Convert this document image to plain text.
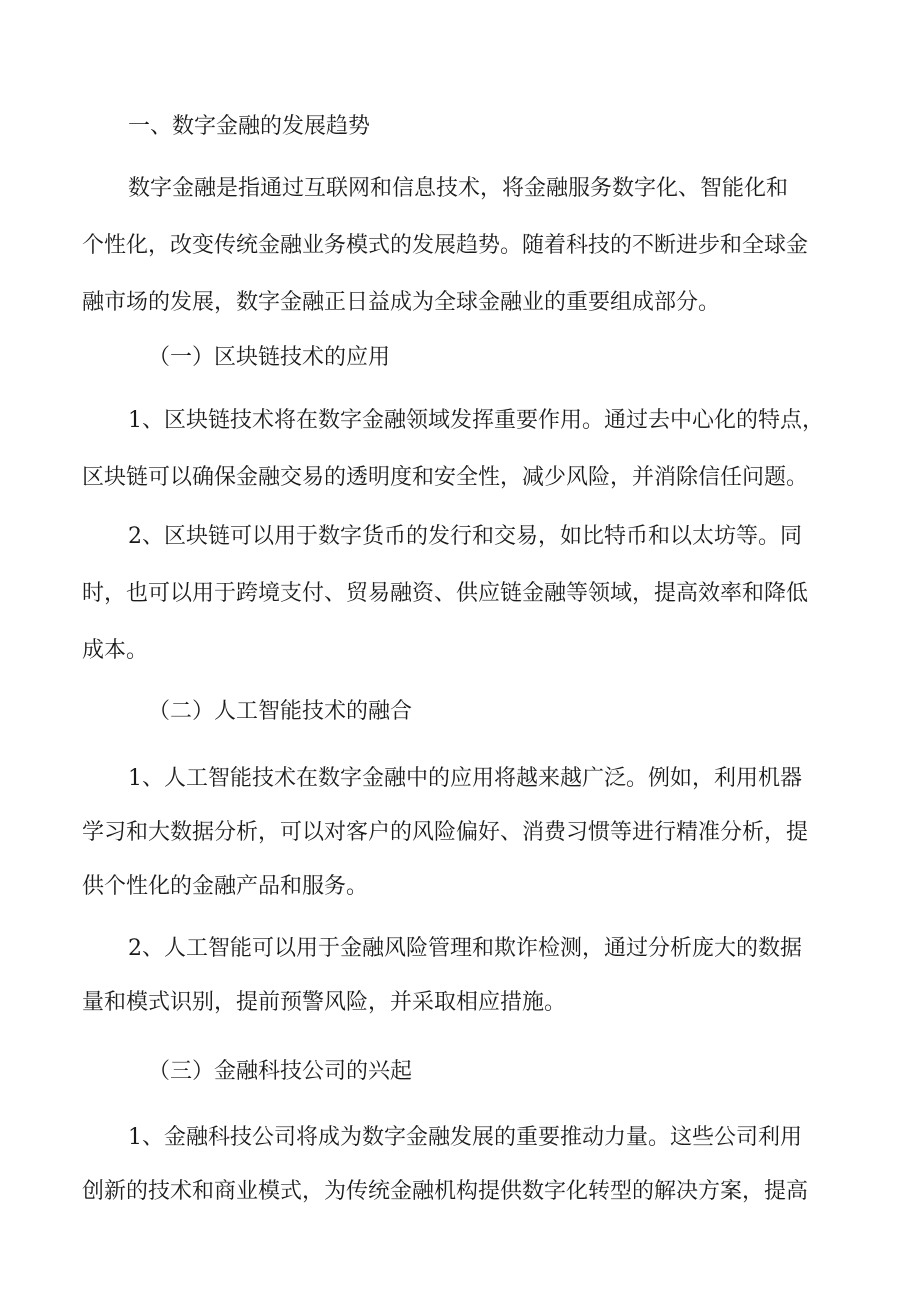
一、数字金融的发展趋势

数字金融是指通过互联网和信息技术，将金融服务数字化、智能化和

个性化，改变传统金融业务模式的发展趋势。随着科技的不断进步和全球金

融市场的发展，数字金融正日益成为全球金融业的重要组成部分。

（一）区块链技术的应用

1、区块链技术将在数字金融领域发挥重要作用。通过去中心化的特点，

区块链可以确保金融交易的透明度和安全性，减少风险，并消除信任问题。

2、区块链可以用于数字货币的发行和交易，如比特币和以太坊等。同

时，也可以用于跨境支付、贸易融资、供应链金融等领域，提高效率和降低

成本。

（二）人工智能技术的融合

1、人工智能技术在数字金融中的应用将越来越广泛。例如，利用机器

学习和大数据分析，可以对客户的风险偏好、消费习惯等进行精准分析，提

供个性化的金融产品和服务。

2、人工智能可以用于金融风险管理和欺诈检测，通过分析庞大的数据

量和模式识别，提前预警风险，并采取相应措施。

（三）金融科技公司的兴起

1、金融科技公司将成为数字金融发展的重要推动力量。这些公司利用

创新的技术和商业模式，为传统金融机构提供数字化转型的解决方案，提高
